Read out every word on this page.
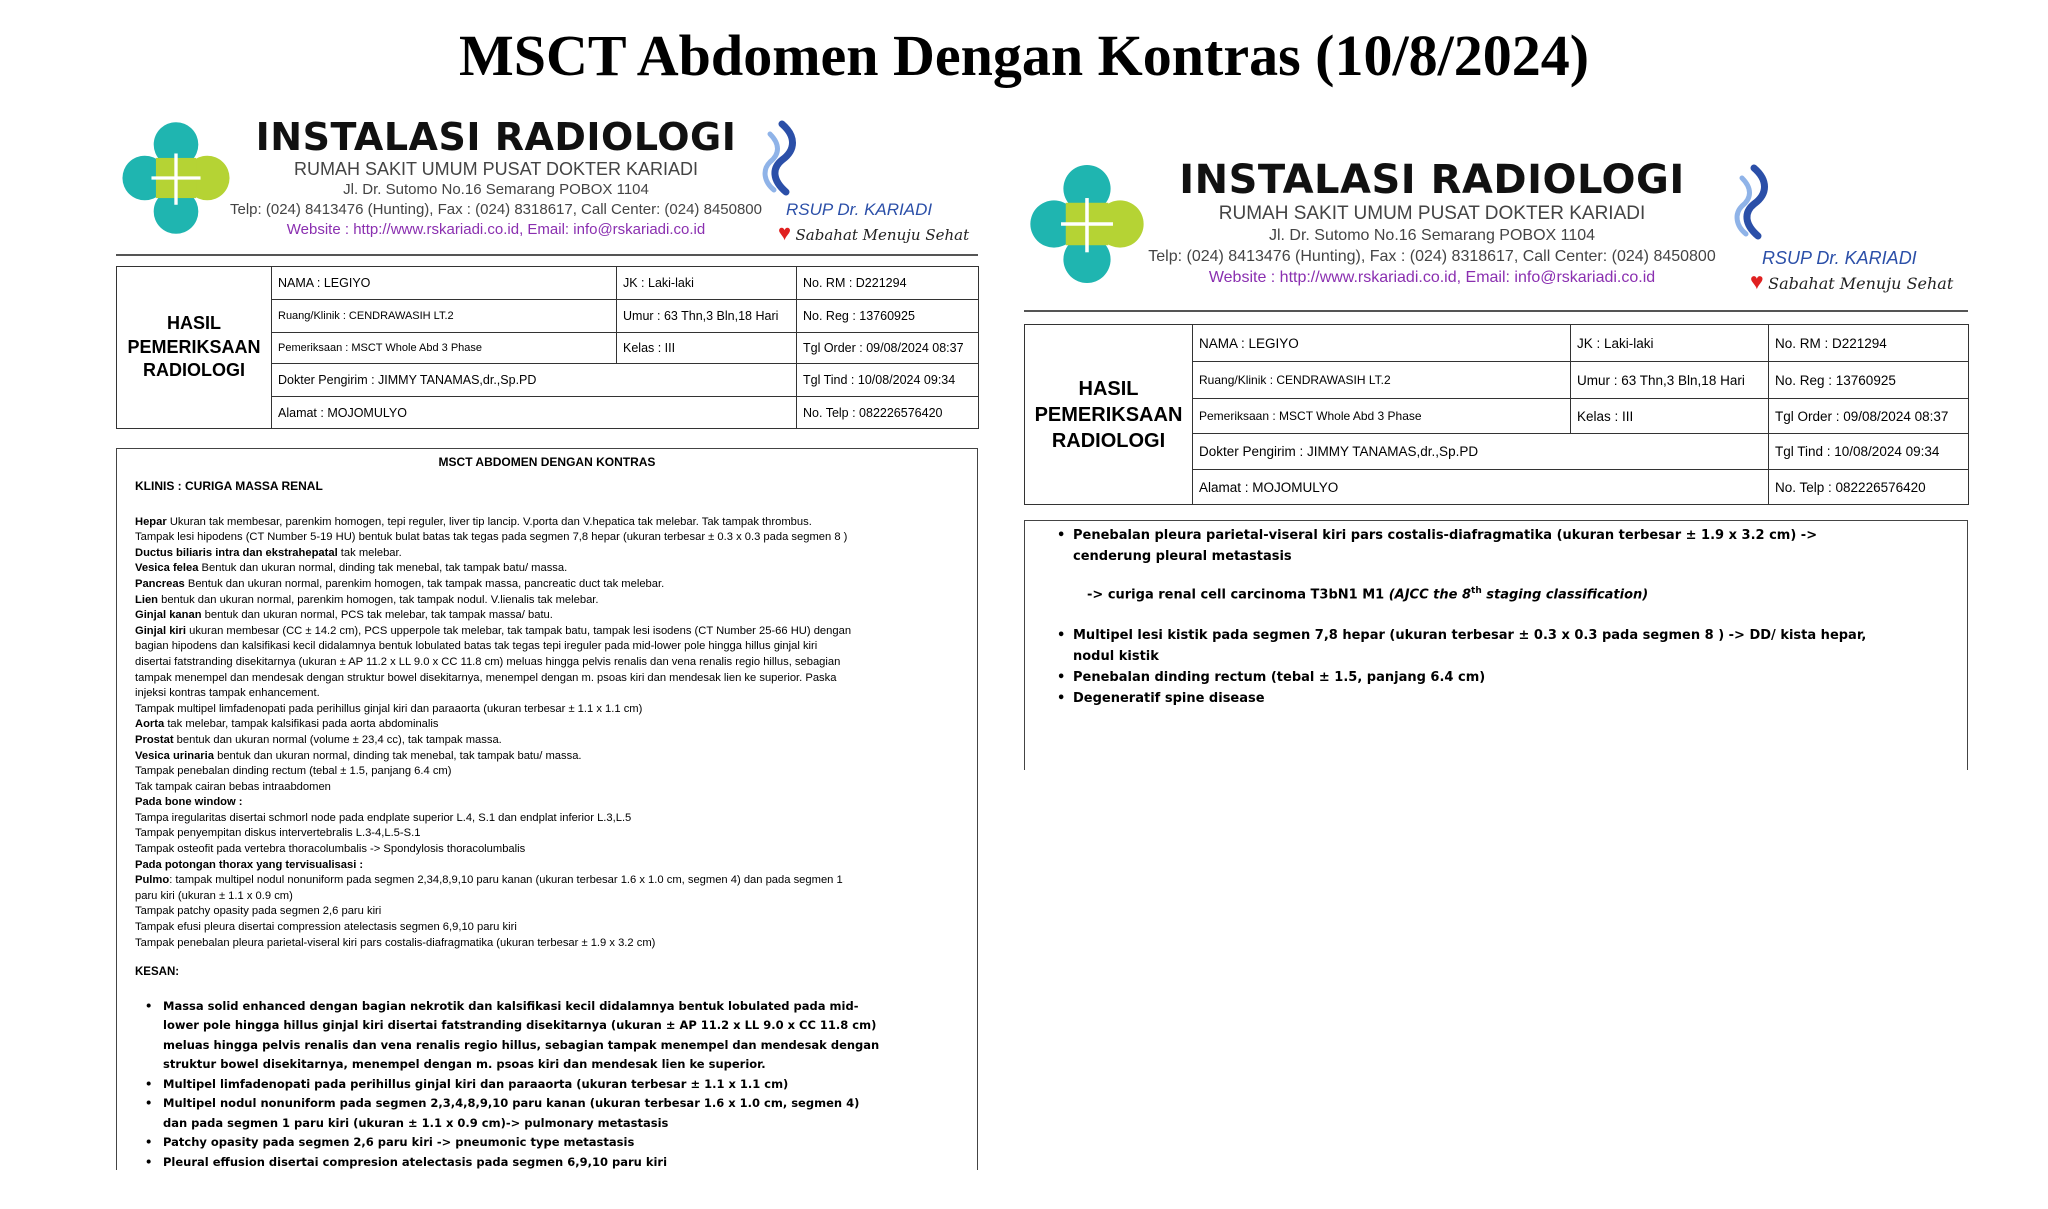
MSCT Abdomen Dengan Kontras (10/8/2024)
INSTALASI RADIOLOGI
RUMAH SAKIT UMUM PUSAT DOKTER KARIADI
Jl. Dr. Sutomo No.16 Semarang POBOX 1104
Telp: (024) 8413476 (Hunting), Fax : (024) 8318617, Call Center: (024) 8450800
Website : http://www.rskariadi.co.id, Email: info@rskariadi.co.id
RSUP Dr. KARIADI
♥ Sabahat Menuju Sehat
HASIL PEMERIKSAAN RADIOLOGI	NAMA : LEGIYO	JK : Laki-laki	No. RM : D221294
	Ruang/Klinik : CENDRAWASIH LT.2	Umur : 63 Thn,3 Bln,18 Hari	No. Reg : 13760925
	Pemeriksaan : MSCT Whole Abd 3 Phase	Kelas : III	Tgl Order : 09/08/2024 08:37
	Dokter Pengirim : JIMMY TANAMAS,dr.,Sp.PD		Tgl Tind : 10/08/2024 09:34
	Alamat : MOJOMULYO		No. Telp : 082226576420
MSCT ABDOMEN DENGAN KONTRAS
KLINIS : CURIGA MASSA RENAL
Hepar Ukuran tak membesar, parenkim homogen, tepi reguler, liver tip lancip. V.porta dan V.hepatica tak melebar. Tak tampak thrombus.
Tampak lesi hipodens (CT Number 5-19 HU) bentuk bulat batas tak tegas pada segmen 7,8 hepar (ukuran terbesar ± 0.3 x 0.3 pada segmen 8 )
Ductus biliaris intra dan ekstrahepatal tak melebar.
Vesica felea Bentuk dan ukuran normal, dinding tak menebal, tak tampak batu/ massa.
Pancreas Bentuk dan ukuran normal, parenkim homogen, tak tampak massa, pancreatic duct tak melebar.
Lien bentuk dan ukuran normal, parenkim homogen, tak tampak nodul. V.lienalis tak melebar.
Ginjal kanan bentuk dan ukuran normal, PCS tak melebar, tak tampak massa/ batu.
Ginjal kiri ukuran membesar (CC ± 14.2 cm), PCS upperpole tak melebar, tak tampak batu, tampak lesi isodens (CT Number 25-66 HU) dengan
bagian hipodens dan kalsifikasi kecil didalamnya bentuk lobulated batas tak tegas tepi ireguler pada mid-lower pole hingga hillus ginjal kiri
disertai fatstranding disekitarnya (ukuran ± AP 11.2 x LL 9.0 x CC 11.8 cm) meluas hingga pelvis renalis dan vena renalis regio hillus, sebagian
tampak menempel dan mendesak dengan struktur bowel disekitarnya, menempel dengan m. psoas kiri dan mendesak lien ke superior. Paska
injeksi kontras tampak enhancement.
Tampak multipel limfadenopati pada perihillus ginjal kiri dan paraaorta (ukuran terbesar ± 1.1 x 1.1 cm)
Aorta tak melebar, tampak kalsifikasi pada aorta abdominalis
Prostat bentuk dan ukuran normal (volume ± 23,4 cc), tak tampak massa.
Vesica urinaria bentuk dan ukuran normal, dinding tak menebal, tak tampak batu/ massa.
Tampak penebalan dinding rectum (tebal ± 1.5, panjang 6.4 cm)
Tak tampak cairan bebas intraabdomen
Pada bone window :
Tampa iregularitas disertai schmorl node pada endplate superior L.4, S.1 dan endplat inferior L.3,L.5
Tampak penyempitan diskus intervertebralis L.3-4,L.5-S.1
Tampak osteofit pada vertebra thoracolumbalis -> Spondylosis thoracolumbalis
Pada potongan thorax yang tervisualisasi :
Pulmo: tampak multipel nodul nonuniform pada segmen 2,34,8,9,10 paru kanan (ukuran terbesar 1.6 x 1.0 cm, segmen 4) dan pada segmen 1
paru kiri (ukuran ± 1.1 x 0.9 cm)
Tampak patchy opasity pada segmen 2,6 paru kiri
Tampak efusi pleura disertai compression atelectasis segmen 6,9,10 paru kiri
Tampak penebalan pleura parietal-viseral kiri pars costalis-diafragmatika (ukuran terbesar ± 1.9 x 3.2 cm)
KESAN:
• Massa solid enhanced dengan bagian nekrotik dan kalsifikasi kecil didalamnya bentuk lobulated pada mid-
lower pole hingga hillus ginjal kiri disertai fatstranding disekitarnya (ukuran ± AP 11.2 x LL 9.0 x CC 11.8 cm)
meluas hingga pelvis renalis dan vena renalis regio hillus, sebagian tampak menempel dan mendesak dengan
struktur bowel disekitarnya, menempel dengan m. psoas kiri dan mendesak lien ke superior.
• Multipel limfadenopati pada perihillus ginjal kiri dan paraaorta (ukuran terbesar ± 1.1 x 1.1 cm)
• Multipel nodul nonuniform pada segmen 2,3,4,8,9,10 paru kanan (ukuran terbesar 1.6 x 1.0 cm, segmen 4)
dan pada segmen 1 paru kiri (ukuran ± 1.1 x 0.9 cm)-> pulmonary metastasis
• Patchy opasity pada segmen 2,6 paru kiri -> pneumonic type metastasis
• Pleural effusion disertai compresion atelectasis pada segmen 6,9,10 paru kiri
INSTALASI RADIOLOGI
RUMAH SAKIT UMUM PUSAT DOKTER KARIADI
Jl. Dr. Sutomo No.16 Semarang POBOX 1104
Telp: (024) 8413476 (Hunting), Fax : (024) 8318617, Call Center: (024) 8450800
Website : http://www.rskariadi.co.id, Email: info@rskariadi.co.id
RSUP Dr. KARIADI
♥ Sabahat Menuju Sehat
HASIL PEMERIKSAAN RADIOLOGI	NAMA : LEGIYO	JK : Laki-laki	No. RM : D221294
	Ruang/Klinik : CENDRAWASIH LT.2	Umur : 63 Thn,3 Bln,18 Hari	No. Reg : 13760925
	Pemeriksaan : MSCT Whole Abd 3 Phase	Kelas : III	Tgl Order : 09/08/2024 08:37
	Dokter Pengirim : JIMMY TANAMAS,dr.,Sp.PD		Tgl Tind : 10/08/2024 09:34
	Alamat : MOJOMULYO		No. Telp : 082226576420
• Penebalan pleura parietal-viseral kiri pars costalis-diafragmatika (ukuran terbesar ± 1.9 x 3.2 cm) ->
cenderung pleural metastasis
-> curiga renal cell carcinoma T3bN1 M1 (AJCC the 8th staging classification)
• Multipel lesi kistik pada segmen 7,8 hepar (ukuran terbesar ± 0.3 x 0.3 pada segmen 8 ) -> DD/ kista hepar,
nodul kistik
• Penebalan dinding rectum (tebal ± 1.5, panjang 6.4 cm)
• Degeneratif spine disease
